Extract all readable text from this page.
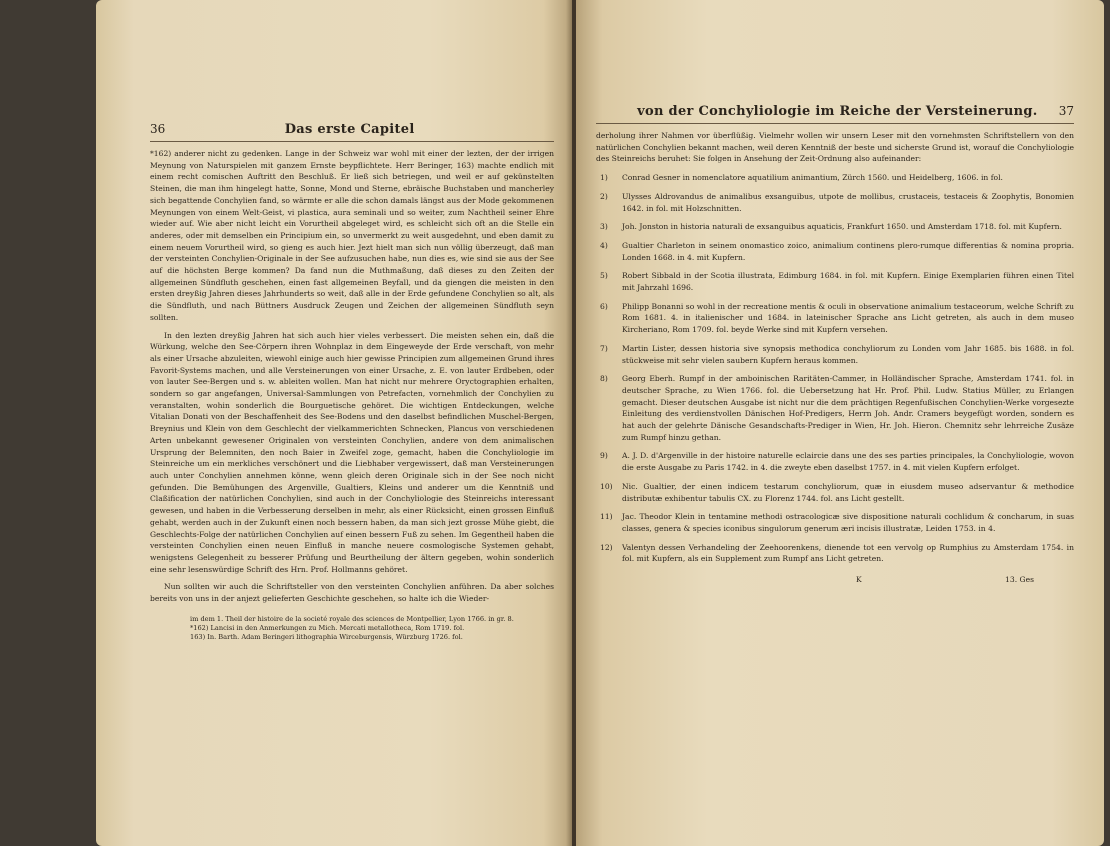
36	Das erste Capitel

*162) anderer nicht zu gedenken. Lange in der Schweiz war wohl mit einer der lezten, der der irrigen Meynung von Naturspielen mit ganzem Ernste beypflichtete. Herr Beringer, 163) machte endlich mit einem recht comischen Auftritt den Beschluß. Er ließ sich betriegen, und weil er auf gekünstelten Steinen, die man ihm hingelegt hatte, Sonne, Mond und Sterne, ebräische Buchstaben und mancherley sich begattende Conchylien fand, so wärmte er alle die schon damals längst aus der Mode gekommenen Meynungen von einem Welt-Geist, vi plastica, aura seminali und so weiter, zum Nachtheil seiner Ehre wieder auf. Wie aber nicht leicht ein Vorurtheil abgeleget wird, es schleicht sich oft an die Stelle ein anderes, oder mit demselben ein Principium ein, so unvermerkt zu weit ausgedehnt, und eben damit zu einem neuem Vorurtheil wird, so gieng es auch hier. Jezt hielt man sich nun völlig überzeugt, daß man der versteinten Conchylien-Originale in der See aufzusuchen habe, nun dies es, wie sind sie aus der See auf die höchsten Berge kommen? Da fand nun die Muthmaßung, daß dieses zu den Zeiten der allgemeinen Sündfluth geschehen, einen fast allgemeinen Beyfall, und da giengen die meisten in den ersten dreyßig Jahren dieses Jahrhunderts so weit, daß alle in der Erde gefundene Conchylien so alt, als die Sündfluth, und nach Büttners Ausdruck Zeugen und Zeichen der allgemeinen Sündfluth seyn sollten.

In den lezten dreyßig Jahren hat sich auch hier vieles verbessert. Die meisten sehen ein, daß die Würkung, welche den See-Cörpern ihren Wohnplaz in dem Eingeweyde der Erde verschaft, von mehr als einer Ursache abzuleiten, wiewohl einige auch hier gewisse Principien zum allgemeinen Grund ihres Favorit-Systems machen, und alle Versteinerungen von einer Ursache, z. E. von lauter Erdbeben, oder von lauter See-Bergen und s. w. ableiten wollen. Man hat nicht nur mehrere Oryctographien erhalten, sondern so gar angefangen, Universal-Sammlungen von Petrefacten, vornehmlich der Conchylien zu veranstalten, wohin sonderlich die Bourguetische gehöret. Die wichtigen Entdeckungen, welche Vitalian Donati von der Beschaffenheit des See-Bodens und den daselbst befindlichen Muschel-Bergen, Breynius und Klein von dem Geschlecht der vielkammerichten Schnecken, Plancus von verschiedenen Arten unbekannt gewesener Originalen von versteinten Conchylien, andere von dem animalischen Ursprung der Belemniten, den noch Baier in Zweifel zoge, gemacht, haben die Conchyliologie im Steinreiche um ein merkliches verschönert und die Liebhaber vergewissert, daß man Versteinerungen auch unter Conchylien annehmen könne, wenn gleich deren Originale sich in der See noch nicht gefunden. Die Bemühungen des Argenville, Gualtiers, Kleins und anderer um die Kenntniß und Claßification der natürlichen Conchylien, sind auch in der Conchyliologie des Steinreichs interessant gewesen, und haben in die Verbesserung derselben in mehr, als einer Rücksicht, einen grossen Einfluß gehabt, werden auch in der Zukunft einen noch bessern haben, da man sich jezt grosse Mühe giebt, die Geschlechts-Folge der natürlichen Conchylien auf einen bessern Fuß zu sehen. Im Gegentheil haben die versteinten Conchylien einen neuen Einfluß in manche neuere cosmologische Systemen gehabt, wenigstens Gelegenheit zu besserer Prüfung und Beurtheilung der ältern gegeben, wohin sonderlich eine sehr lesenswürdige Schrift des Hrn. Prof. Hollmanns gehöret.

Nun sollten wir auch die Schriftsteller von den versteinten Conchylien anführen. Da aber solches bereits von uns in der anjezt gelieferten Geschichte geschehen, so halte ich die Wieder-

im dem 1. Theil der histoire de la societé royale des sciences de Montpellier, Lyon 1766. in gr. 8.

*162) Lancisi in den Anmerkungen zu Mich. Mercati metallotheca, Rom 1719. fol.

163) In. Barth. Adam Beringeri lithographia Wirceburgensis, Würzburg 1726. fol.

von der Conchyliologie im Reiche der Versteinerung. 37

derholung ihrer Nahmen vor überflüßig. Vielmehr wollen wir unsern Leser mit den vornehmsten Schriftstellern von den natürlichen Conchylien bekannt machen, weil deren Kenntniß der beste und sicherste Grund ist, worauf die Conchyliologie des Steinreichs beruhet: Sie folgen in Ansehung der Zeit-Ordnung also aufeinander:

1)	Conrad Gesner in nomenclatore aquatilium animantium, Zürch 1560. und Heidelberg, 1606. in fol.

2)	Ulysses Aldrovandus de animalibus exsanguibus, utpote de mollibus, crustaceis, testaceis & Zoophytis, Bonomien 1642. in fol. mit Holzschnitten.

3)	Joh. Jonston in historia naturali de exsanguibus aquaticis, Frankfurt 1650. und Amsterdam 1718. fol. mit Kupfern.

4)	Gualtier Charleton in seinem onomastico zoico, animalium continens plero-rumque differentias & nomina propria. Londen 1668. in 4. mit Kupfern.

5)	Robert Sibbald in der Scotia illustrata, Edimburg 1684. in fol. mit Kupfern. Einige Exemplarien führen einen Titel mit Jahrzahl 1696.

6)	Philipp Bonanni so wohl in der recreatione mentis & oculi in observatione animalium testaceorum, welche Schrift zu Rom 1681. 4. in italienischer und 1684. in lateinischer Sprache ans Licht getreten, als auch in dem museo Kircheriano, Rom 1709. fol. beyde Werke sind mit Kupfern versehen.

7)	Martin Lister, dessen historia sive synopsis methodica conchyliorum zu Londen vom Jahr 1685. bis 1688. in fol. stückweise mit sehr vielen saubern Kupfern heraus kommen.

8)	Georg Eberh. Rumpf in der amboinischen Raritäten-Cammer, in Holländischer Sprache, Amsterdam 1741. fol. in deutscher Sprache, zu Wien 1766. fol. die Uebersetzung hat Hr. Prof. Phil. Ludw. Statius Müller, zu Erlangen gemacht. Dieser deutschen Ausgabe ist nicht nur die dem prächtigen Regenfußischen Conchylien-Werke vorgesezte Einleitung des verdienstvollen Dänischen Hof-Predigers, Herrn Joh. Andr. Cramers beygefügt worden, sondern es hat auch der gelehrte Dänische Gesandschafts-Prediger in Wien, Hr. Joh. Hieron. Chemnitz sehr lehrreiche Zusäze zum Rumpf hinzu gethan.

9)	A. J. D. d'Argenville in der histoire naturelle eclaircie dans une des ses parties principales, la Conchyliologie, wovon die erste Ausgabe zu Paris 1742. in 4. die zweyte eben daselbst 1757. in 4. mit vielen Kupfern erfolget.

10)	Nic. Gualtier, der einen indicem testarum conchyliorum, quæ in eiusdem museo adservantur & methodice distributæ exhibentur tabulis CX. zu Florenz 1744. fol. ans Licht gestellt.

11)	Jac. Theodor Klein in tentamine methodi ostracologicæ sive dispositione naturali cochlidum & concharum, in suas classes, genera & species iconibus singulorum generum æri incisis illustratæ, Leiden 1753. in 4.

12)	Valentyn dessen Verhandeling der Zeehoorenkens, dienende tot een vervolg op Rumphius zu Amsterdam 1754. in fol. mit Kupfern, als ein Supplement zum Rumpf ans Licht getreten.

K	13. Ges
